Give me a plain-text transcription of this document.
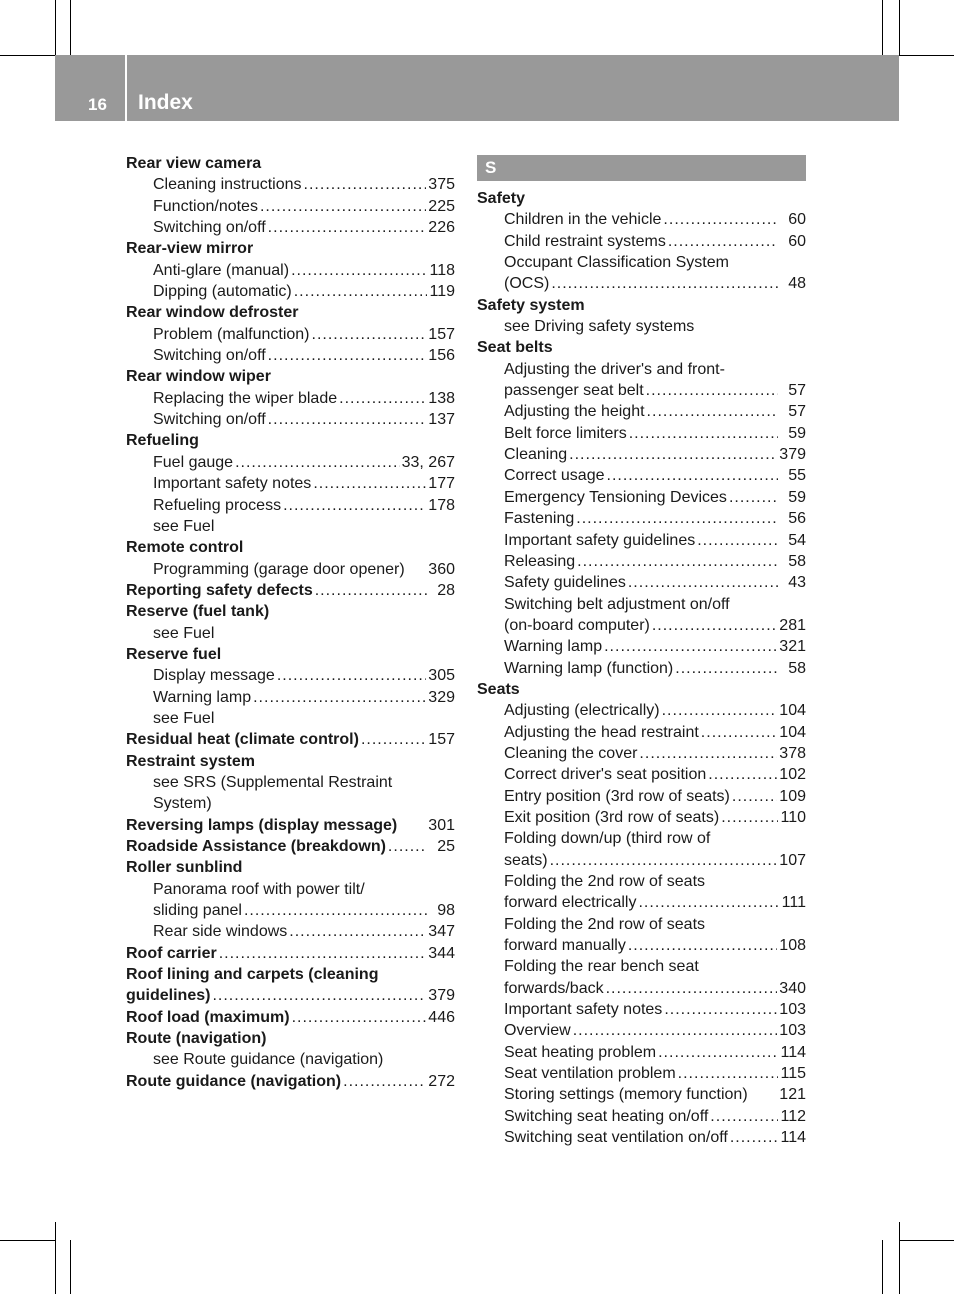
16 Index
Rear view camera
Cleaning instructions .....	375
Function/notes .....	225
Switching on/off .....	226
Rear-view mirror
Anti-glare (manual) .....	118
Dipping (automatic) .....	119
Rear window defroster
Problem (malfunction) .....	157
Switching on/off .....	156
Rear window wiper
Replacing the wiper blade .....	138
Switching on/off .....	137
Refueling
Fuel gauge .....	33, 267
Important safety notes .....	177
Refueling process .....	178
see Fuel
Remote control
Programming (garage door opener) 360
Reporting safety defects .....	28
Reserve (fuel tank)
see Fuel
Reserve fuel
Display message .....	305
Warning lamp .....	329
see Fuel
Residual heat (climate control) .....	157
Restraint system
see SRS (Supplemental Restraint
System)
Reversing lamps (display message) 301
Roadside Assistance (breakdown) .....	25
Roller sunblind
Panorama roof with power tilt/
sliding panel .....	98
Rear side windows .....	347
Roof carrier .....	344
Roof lining and carpets (cleaning
guidelines) .....	379
Roof load (maximum) .....	446
Route (navigation)
see Route guidance (navigation)
Route guidance (navigation) .....	272
S
Safety
Children in the vehicle .....	60
Child restraint systems .....	60
Occupant Classification System
(OCS) .....	48
Safety system
see Driving safety systems
Seat belts
Adjusting the driver's and front-
passenger seat belt .....	57
Adjusting the height .....	57
Belt force limiters .....	59
Cleaning .....	379
Correct usage .....	55
Emergency Tensioning Devices .....	59
Fastening .....	56
Important safety guidelines .....	54
Releasing .....	58
Safety guidelines .....	43
Switching belt adjustment on/off
(on-board computer) .....	281
Warning lamp .....	321
Warning lamp (function) .....	58
Seats
Adjusting (electrically) .....	104
Adjusting the head restraint .....	104
Cleaning the cover .....	378
Correct driver's seat position .....	102
Entry position (3rd row of seats) .....	109
Exit position (3rd row of seats) .....	110
Folding down/up (third row of
seats) .....	107
Folding the 2nd row of seats
forward electrically .....	111
Folding the 2nd row of seats
forward manually .....	108
Folding the rear bench seat
forwards/back .....	340
Important safety notes .....	103
Overview .....	103
Seat heating problem .....	114
Seat ventilation problem .....	115
Storing settings (memory function) 121
Switching seat heating on/off .....	112
Switching seat ventilation on/off .....	114
